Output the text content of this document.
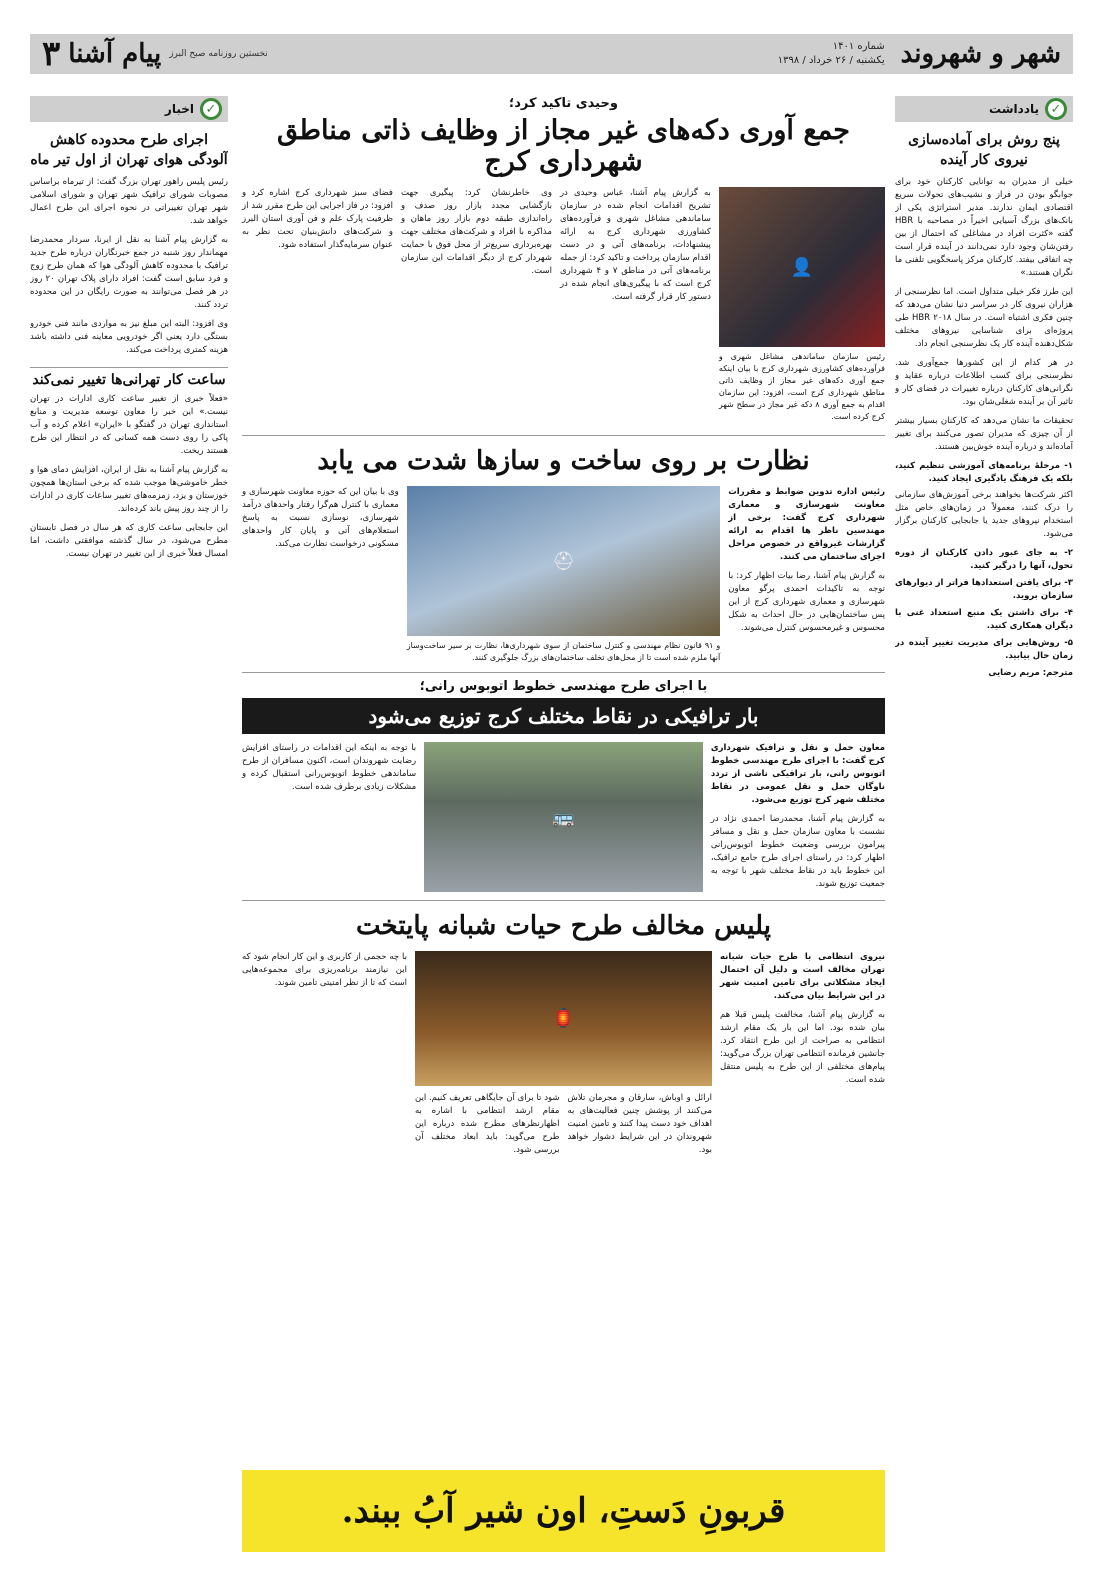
شهر و شهروند
شماره ۱۴۰۱
یکشنبه / ۲۶ خرداد / ۱۳۹۸
۳ پیام آشنا نخستین روزنامه صبح البرز
✓
یادداشت
پنج روش برای آماده‌سازی نیروی کار آینده

خیلی از مدیران به توانایی کارکنان خود برای جوابگو بودن در فراز و نشیب‌های تحولات سریع اقتصادی ایمان ندارند. مدیر استراتژی یکی از بانک‌های بزرگ آسیایی اخیراً در مصاحبه با HBR گفته «کثرت افراد در مشاغلی که احتمال از بین رفتن‌شان وجود دارد نمی‌دانند در آینده قرار است چه اتفاقی بیفتد. کارکنان مرکز پاسخگویی تلفنی ما نگران هستند.»

این طرز فکر خیلی متداول است. اما نظرسنجی از هزاران نیروی کار در سراسر دنیا نشان می‌دهد که چنین فکری اشتباه است. در سال ۲۰۱۸ HBR طی پروژه‌ای برای شناسایی نیروهای مختلف شکل‌دهنده آینده کار یک نظرسنجی انجام داد.

در هر کدام از این کشورها جمع‌آوری شد. نظرسنجی برای کسب اطلاعات درباره عقاید و نگرانی‌های کارکنان درباره تغییرات در فضای کار و تاثیر آن بر آینده شغلی‌شان بود.

تحقیقات ما نشان می‌دهد که کارکنان بسیار بیشتر از آن چیزی که مدیران تصور می‌کنند برای تغییر آماده‌اند و درباره آینده خوش‌بین هستند.

۱- مرحلهٔ برنامه‌های آموزشی تنظیم کنید، بلکه یک فرهنگ یادگیری ایجاد کنید.

اکثر شرکت‌ها بخواهند برخی آموزش‌های سازمانی را درک کنند، معمولاً در زمان‌های خاص مثل استخدام نیروهای جدید یا جابجایی کارکنان برگزار می‌شود.

۲- به جای عبور دادن کارکنان از دوره تحول، آنها را درگیر کنید.

۳- برای یافتن استعدادها فراتر از دیوارهای سازمان بروید.

۴- برای داشتن یک منبع استعداد غنی با دیگران همکاری کنید.

۵- روش‌هایی برای مدیریت تغییر آینده در زمان حال بیابید.

مترجم: مریم رضایی

✓
اخبار
اجرای طرح محدوده کاهش آلودگی هوای تهران از اول تیر ماه

رئیس پلیس راهور تهران بزرگ گفت: از تیرماه براساس مصوبات شورای ترافیک شهر تهران و شورای اسلامی شهر تهران تغییراتی در نحوه اجرای این طرح اعمال خواهد شد.

به گزارش پیام آشنا به نقل از ایرنا، سردار محمدرضا مهماندار روز شنبه در جمع خبرنگاران درباره طرح جدید ترافیک با محدوده کاهش آلودگی هوا که همان طرح زوج و فرد سابق است گفت: افراد دارای پلاک تهران ۲۰ روز در هر فصل می‌توانند به صورت رایگان در این محدوده تردد کنند.

وی افزود: البته این مبلغ نیز به مواردی مانند فنی خودرو بستگی دارد یعنی اگر خودرویی معاینه فنی داشته باشد هزینه کمتری پرداخت می‌کند.

ساعت کار تهرانی‌ها تغییر نمی‌کند

«فعلاً خبری از تغییر ساعت کاری ادارات در تهران نیست.» این خبر را معاون توسعه مدیریت و منابع استانداری تهران در گفتگو با «ایران» اعلام کرده و آب پاکی را روی دست همه کسانی که در انتظار این طرح هستند ریخت.

به گزارش پیام آشنا به نقل از ایران، افزایش دمای هوا و خطر خاموشی‌ها موجب شده که برخی استان‌ها همچون خوزستان و یزد، زمزمه‌های تغییر ساعات کاری در ادارات را از چند روز پیش باند کرده‌اند.

این جابجایی ساعت کاری که هر سال در فصل تابستان مطرح می‌شود، در سال گذشته موافقتی داشت، اما امسال فعلاً خبری از این تغییر در تهران نیست.

وحیدی تاکید کرد؛
جمع آوری دکه‌های غیر مجاز از وظایف ذاتی مناطق شهرداری کرج
👤

رئیس سازمان ساماندهی مشاغل شهری و فرآورده‌های کشاورزی شهرداری کرج با بیان اینکه جمع آوری دکه‌های غیر مجاز از وظایف ذاتی مناطق شهرداری کرج است، افزود: این سازمان اقدام به جمع آوری ۸ دکه غیر مجاز در سطح شهر کرج کرده است.

به گزارش پیام آشنا، عباس وحیدی در تشریح اقدامات انجام شده در سازمان ساماندهی مشاغل شهری و فرآورده‌های کشاورزی شهرداری کرج به ارائه پیشنهادات، برنامه‌های آتی و در دست اقدام سازمان پرداخت و تاکید کرد: از جمله برنامه‌های آتی در مناطق ۷ و ۴ شهرداری کرج است که با پیگیری‌های انجام شده در دستور کار قرار گرفته است.
وی خاطرنشان کرد: پیگیری جهت بازگشایی مجدد بازار روز صدف و راه‌اندازی طبقه دوم بازار روز ماهان و مذاکره با افراد و شرکت‌های مختلف جهت بهره‌برداری سریع‌تر از محل فوق با حمایت شهردار کرج از دیگر اقدامات این سازمان است.
فضای سبز شهرداری کرج اشاره کرد و افزود: در فاز اجرایی این طرح مقرر شد از ظرفیت پارک علم و فن آوری استان البرز و شرکت‌های دانش‌بنیان تحت نظر به عنوان سرمایه‌گذار استفاده شود.
نظارت بر روی ساخت و سازها شدت می یابد

رئیس اداره تدوین ضوابط و مقررات معاونت شهرسازی و معماری شهرداری کرج گفت: برخی از مهندسین ناظر ها اقدام به ارائه گزارشات غیرواقع در خصوص مراحل اجرای ساختمان می کنند.

به گزارش پیام آشنا، رضا بیات اظهار کرد: با توجه به تاکیدات احمدی پرگو معاون شهرسازی و معماری شهرداری کرج از این پس ساختمان‌هایی در حال احداث به شکل محسوس و غیرمحسوس کنترل می‌شوند.

⛑

و ۹۱ قانون نظام مهندسی و کنترل ساختمان از سوی شهرداری‌ها، نظارت بر سیر ساخت‌وساز آنها ملزم شده است تا از محل‌های تخلف ساختمان‌های بزرگ جلوگیری کنند.

وی با بیان این که حوزه معاونت شهرسازی و معماری با کنترل هم‌گرا رفتار واحدهای درآمد شهرسازی، نوسازی نسبت به پاسخ استعلام‌های آتی و پایان کار واحدهای مسکونی درخواست نظارت می‌کند.
با اجرای طرح مهندسی خطوط اتوبوس رانی؛
بار ترافیکی در نقاط مختلف کرج توزیع می‌شود

معاون حمل و نقل و ترافیک شهرداری کرج گفت: با اجرای طرح مهندسی خطوط اتوبوس رانی، بار ترافیکی ناشی از تردد ناوگان حمل و نقل عمومی در نقاط مختلف شهر کرج توزیع می‌شود.

به گزارش پیام آشنا، محمدرضا احمدی نژاد در نشست با معاون سازمان حمل و نقل و مسافر پیرامون بررسی وضعیت خطوط اتوبوس‌رانی اظهار کرد: در راستای اجرای طرح جامع ترافیک، این خطوط باید در نقاط مختلف شهر با توجه به جمعیت توزیع شوند.

🚌
با توجه به اینکه این اقدامات در راستای افزایش رضایت شهروندان است، اکنون مسافران از طرح ساماندهی خطوط اتوبوس‌رانی استقبال کرده و مشکلات زیادی برطرف شده است.
پلیس مخالف طرح حیات شبانه پایتخت

نیروی انتظامی با طرح حیات شبانه تهران مخالف است و دلیل آن احتمال ایجاد مشکلاتی برای تامین امنیت شهر در این شرایط بیان می‌کند.

به گزارش پیام آشنا، مخالفت پلیس قبلا هم بیان شده بود. اما این بار یک مقام ارشد انتظامی به صراحت از این طرح انتقاد کرد. جانشین فرمانده انتظامی تهران بزرگ می‌گوید: پیام‌های مختلفی از این طرح به پلیس منتقل شده است.

🏮
ارائل و اوباش، سارقان و مجرمان تلاش می‌کنند از پوشش چنین فعالیت‌های به اهداف خود دست پیدا کنند و تامین امنیت شهروندان در این شرایط دشوار خواهد بود.
شود تا برای آن جایگاهی تعریف کنیم. این مقام ارشد انتظامی با اشاره به اظهارنظرهای مطرح شده درباره این طرح می‌گوید: باید ابعاد مختلف آن بررسی شود.
با چه حجمی از کاربری و این کار انجام شود که این نیازمند برنامه‌ریزی برای مجموعه‌هایی است که تا از نظر امنیتی تامین شوند.
قربونِ دَستِ، اون شیر آبُ ببند.
